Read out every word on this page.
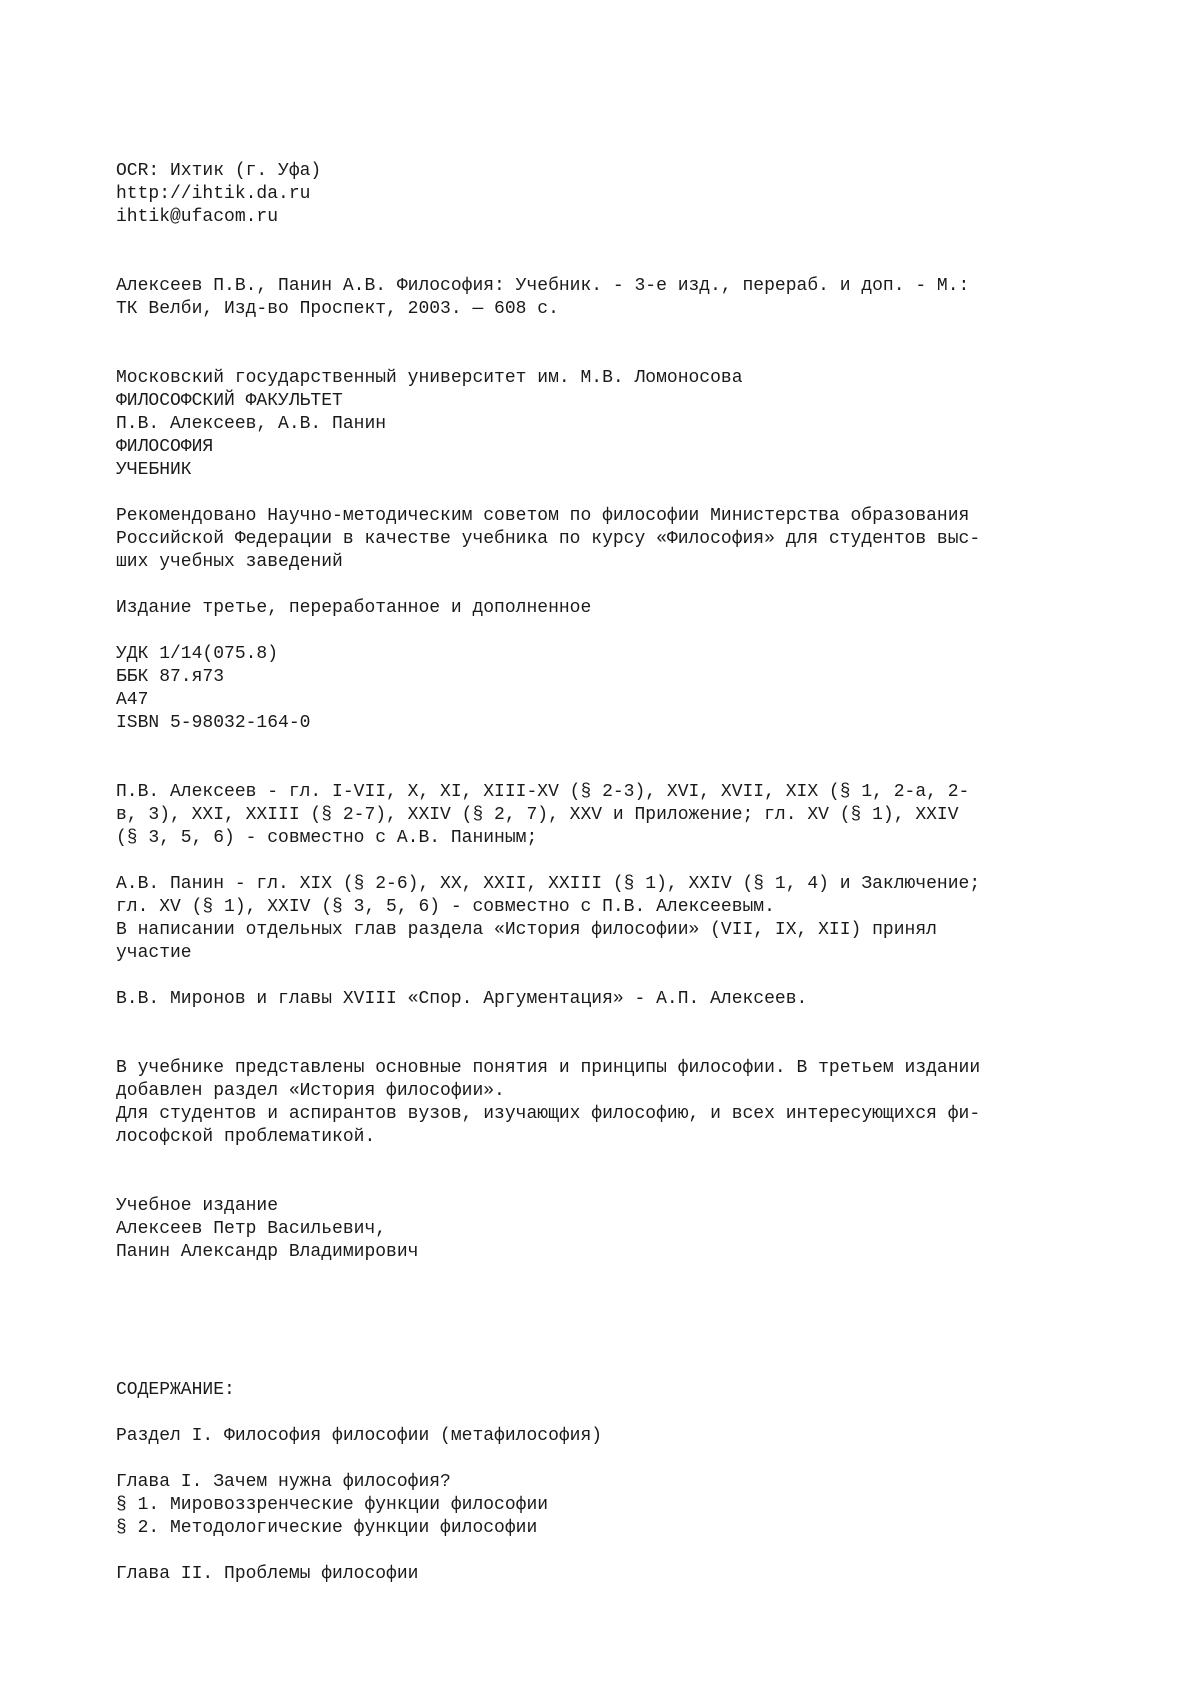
OCR: Ихтик (г. Уфа)
http://ihtik.da.ru
ihtik@ufacom.ru
Алексеев П.В., Панин А.В. Философия: Учебник. - 3-е изд., перераб. и доп. - М.:
ТК Велби, Изд-во Проспект, 2003. — 608 с.
Московский государственный университет им. М.В. Ломоносова
ФИЛОСОФСКИЙ ФАКУЛЬТЕТ
П.В. Алексеев, А.В. Панин
ФИЛОСОФИЯ
УЧЕБНИК
Рекомендовано Научно-методическим советом по философии Министерства образования
Российской Федерации в качестве учебника по курсу «Философия» для студентов выс-
ших учебных заведений
Издание третье, переработанное и дополненное
УДК 1/14(075.8)
ББК 87.я73
А47
ISBN 5-98032-164-0
П.В. Алексеев - гл. I-VII, X, XI, XIII-XV (§ 2-3), XVI, XVII, XIX (§ 1, 2-а, 2-
в, 3), XXI, XXIII (§ 2-7), XXIV (§ 2, 7), XXV и Приложение; гл. XV (§ 1), XXIV
(§ 3, 5, 6) - совместно с А.В. Паниным;
А.В. Панин - гл. XIX (§ 2-6), XX, XXII, XXIII (§ 1), XXIV (§ 1, 4) и Заключение;
гл. XV (§ 1), XXIV (§ 3, 5, 6) - совместно с П.В. Алексеевым.
В написании отдельных глав раздела «История философии» (VII, IX, XII) принял
участие
В.В. Миронов и главы XVIII «Спор. Аргументация» - А.П. Алексеев.
В учебнике представлены основные понятия и принципы философии. В третьем издании
добавлен раздел «История философии».
Для студентов и аспирантов вузов, изучающих философию, и всех интересующихся фи-
лософской проблематикой.
Учебное издание
Алексеев Петр Васильевич,
Панин Александр Владимирович
СОДЕРЖАНИЕ:
Раздел I. Философия философии (метафилософия)
Глава I. Зачем нужна философия?
§ 1. Мировоззренческие функции философии
§ 2. Методологические функции философии
Глава II. Проблемы философии
